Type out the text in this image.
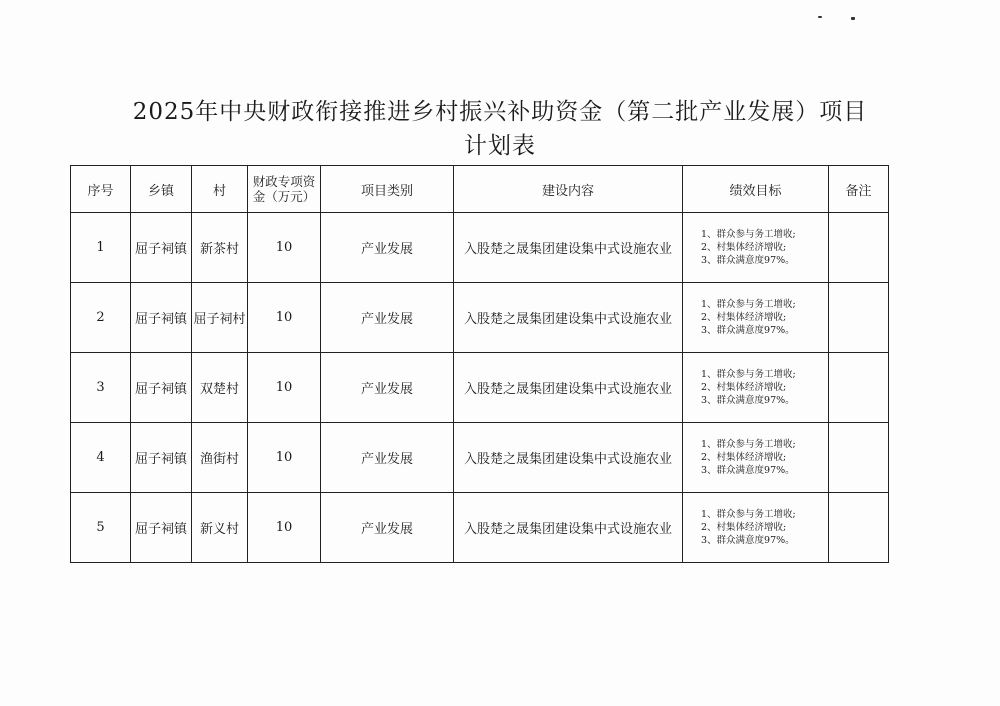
2025年中央财政衔接推进乡村振兴补助资金（第二批产业发展）项目
计划表
序号	乡镇	村	财政专项资金（万元）	项目类别	建设内容	绩效目标	备注
1	屈子祠镇	新茶村	10	产业发展	入股楚之晟集团建设集中式设施农业	1、群众参与务工增收;
2、村集体经济增收;
3、群众满意度97%。	

2	屈子祠镇	屈子祠村	10	产业发展	入股楚之晟集团建设集中式设施农业	1、群众参与务工增收;
2、村集体经济增收;
3、群众满意度97%。	

3	屈子祠镇	双楚村	10	产业发展	入股楚之晟集团建设集中式设施农业	1、群众参与务工增收;
2、村集体经济增收;
3、群众满意度97%。	

4	屈子祠镇	渔街村	10	产业发展	入股楚之晟集团建设集中式设施农业	1、群众参与务工增收;
2、村集体经济增收;
3、群众满意度97%。	

5	屈子祠镇	新义村	10	产业发展	入股楚之晟集团建设集中式设施农业	1、群众参与务工增收;
2、村集体经济增收;
3、群众满意度97%。	
